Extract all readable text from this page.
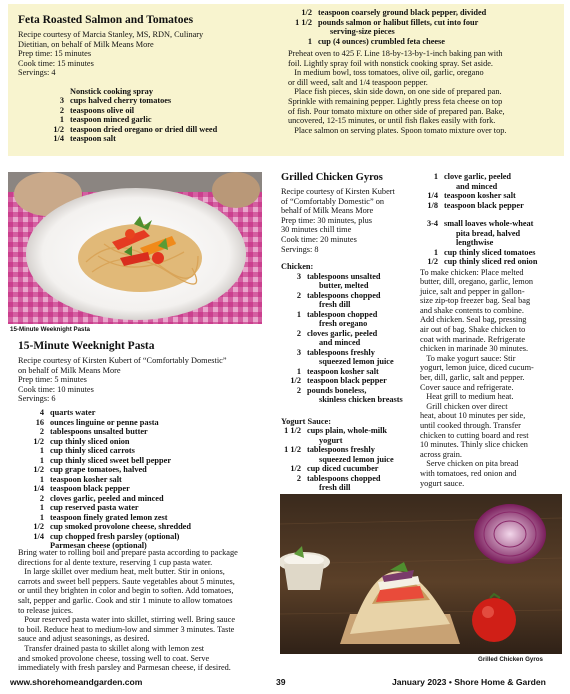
Feta Roasted Salmon and Tomatoes
Recipe courtesy of Marcia Stanley, MS, RDN, Culinary
Dietitian, on behalf of Milk Means More
Prep time: 15 minutes
Cook time: 15 minutes
Servings: 4
Nonstick cooking spray
3 cups halved cherry tomatoes
2 teaspoons olive oil
1 teaspoon minced garlic
1/2 teaspoon dried oregano or dried dill weed
1/4 teaspoon salt
1/2 teaspoon coarsely ground black pepper, divided
1 1/2 pounds salmon or halibut fillets, cut into four
serving-size pieces
1 cup (4 ounces) crumbled feta cheese
Preheat oven to 425 F. Line 18-by-13-by-1-inch baking pan with
foil. Lightly spray foil with nonstick cooking spray. Set aside.
In medium bowl, toss tomatoes, olive oil, garlic, oregano
or dill weed, salt and 1/4 teaspoon pepper.
Place fish pieces, skin side down, on one side of prepared pan.
Sprinkle with remaining pepper. Lightly press feta cheese on top
of fish. Pour tomato mixture on other side of prepared pan. Bake,
uncovered, 12-15 minutes, or until fish flakes easily with fork.
Place salmon on serving plates. Spoon tomato mixture over top.
15-Minute Weeknight Pasta
15-Minute Weeknight Pasta
Recipe courtesy of Kirsten Kubert of “Comfortably Domestic”
on behalf of Milk Means More
Prep time: 5 minutes
Cook time: 10 minutes
Servings: 6
4 quarts water
16 ounces linguine or penne pasta
2 tablespoons unsalted butter
1/2 cup thinly sliced onion
1 cup thinly sliced carrots
1 cup thinly sliced sweet bell pepper
1/2 cup grape tomatoes, halved
1 teaspoon kosher salt
1/4 teaspoon black pepper
2 cloves garlic, peeled and minced
1 cup reserved pasta water
1 teaspoon finely grated lemon zest
1/2 cup smoked provolone cheese, shredded
1/4 cup chopped fresh parsley (optional)
Parmesan cheese (optional)
Bring water to rolling boil and prepare pasta according to package
directions for al dente texture, reserving 1 cup pasta water.
In large skillet over medium heat, melt butter. Stir in onions,
carrots and sweet bell peppers. Saute vegetables about 5 minutes,
or until they brighten in color and begin to soften. Add tomatoes,
salt, pepper and garlic. Cook and stir 1 minute to allow tomatoes
to release juices.
Pour reserved pasta water into skillet, stirring well. Bring sauce
to boil. Reduce heat to medium-low and simmer 3 minutes. Taste
sauce and adjust seasonings, as desired.
Transfer drained pasta to skillet along with lemon zest
and smoked provolone cheese, tossing well to coat. Serve
immediately with fresh parsley and Parmesan cheese, if desired.
Grilled Chicken Gyros
Recipe courtesy of Kirsten Kubert
of “Comfortably Domestic” on
behalf of Milk Means More
Prep time: 30 minutes, plus
30 minutes chill time
Cook time: 20 minutes
Servings: 8
Chicken:
3 tablespoons unsalted
butter, melted
2 tablespoons chopped
fresh dill
1 tablespoon chopped
fresh oregano
2 cloves garlic, peeled
and minced
3 tablespoons freshly
squeezed lemon juice
1 teaspoon kosher salt
1/2 teaspoon black pepper
2 pounds boneless,
skinless chicken breasts
Yogurt Sauce:
1 1/2 cups plain, whole-milk
yogurt
1 1/2 tablespoons freshly
squeezed lemon juice
1/2 cup diced cucumber
2 tablespoons chopped
fresh dill
1 clove garlic, peeled
and minced
1/4 teaspoon kosher salt
1/8 teaspoon black pepper
3-4 small loaves whole-wheat
pita bread, halved
lengthwise
1 cup thinly sliced tomatoes
1/2 cup thinly sliced red onion
To make chicken: Place melted
butter, dill, oregano, garlic, lemon
juice, salt and pepper in gallon-
size zip-top freezer bag. Seal bag
and shake contents to combine.
Add chicken. Seal bag, pressing
air out of bag. Shake chicken to
coat with marinade. Refrigerate
chicken in marinade 30 minutes.
To make yogurt sauce: Stir
yogurt, lemon juice, diced cucum-
ber, dill, garlic, salt and pepper.
Cover sauce and refrigerate.
Heat grill to medium heat.
Grill chicken over direct
heat, about 10 minutes per side,
until cooked through. Transfer
chicken to cutting board and rest
10 minutes. Thinly slice chicken
across grain.
Serve chicken on pita bread
with tomatoes, red onion and
yogurt sauce.
Grilled Chicken Gyros
www.shorehomeandgarden.com	39	January 2023 • Shore Home & Garden
